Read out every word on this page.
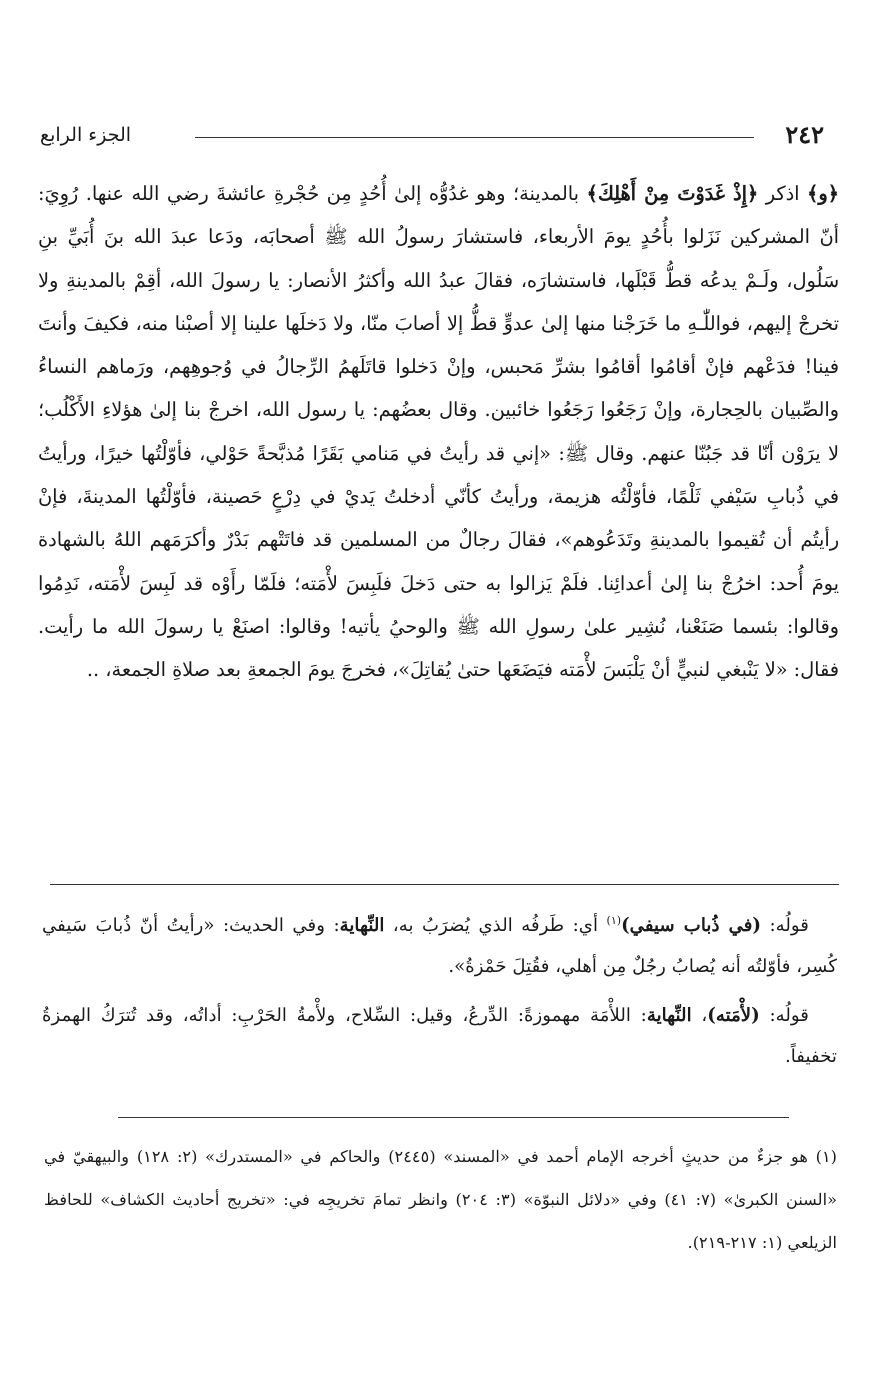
٢٤٢
الجزء الرابع

﴿و﴾ اذكر ﴿إِذْ غَدَوْتَ مِنْ أَهْلِكَ﴾ بالمدينة؛ وهو غدُوُّه إلىٰ أُحُدٍ مِن حُجْرةِ عائشةَ رضي الله عنها. رُوِيَ: أنّ المشركين نَزَلوا بأُحُدٍ يومَ الأربعاء، فاستشارَ رسولُ الله ﷺ أصحابَه، ودَعا عبدَ الله بنَ أُبَيِّ بنِ سَلُول، ولَـمْ يدعُه قطُّ قَبْلَها، فاستشارَه، فقالَ عبدُ الله وأكثرُ الأنصار: يا رسولَ الله، أقِمْ بالمدينةِ ولا تخرجْ إليهم، فواللّٰـهِ ما خَرَجْنا منها إلىٰ عدوٍّ قطُّ إلا أصابَ منّا، ولا دَخلَها علينا إلا أصبْنا منه، فكيفَ وأنتَ فينا! فدَعْهم فإنْ أقامُوا أقامُوا بشرِّ مَحبس، وإنْ دَخلوا قاتَلَهمُ الرِّجالُ في وُجوهِهم، ورَماهم النساءُ والصِّبيان بالحِجارة، وإنْ رَجَعُوا رَجَعُوا خائبين. وقال بعضُهم: يا رسول الله، اخرجْ بنا إلىٰ هؤلاءِ الأَكْلُب؛ لا يرَوْن أنّا قد جَبُنّا عنهم. وقال ﷺ: «إني قد رأيتُ في مَنامي بَقَرًا مُذبَّحةً حَوْلي، فأوّلْتُها خيرًا، ورأيتُ في ذُبابِ سَيْفي ثَلْمًا، فأوّلْتُه هزيمة، ورأيتُ كأنّي أدخلتُ يَديْ في دِرْعٍ حَصينة، فأوّلْتُها المدينةَ، فإنْ رأيتُم أن تُقيموا بالمدينةِ وتَدَعُوهم»، فقالَ رجالٌ من المسلمين قد فاتَتْهم بَدْرٌ وأكرَمَهم اللهُ بالشهادة يومَ أُحد: اخرُجْ بنا إلىٰ أعدائِنا. فلَمْ يَزالوا به حتى دَخلَ فلَبِسَ لأْمَته؛ فلَمّا رأَوْه قد لَبِسَ لأْمَته، نَدِمُوا وقالوا: بئسما صَنَعْنا، نُشِير علىٰ رسولِ الله ﷺ والوحيُ يأتيه! وقالوا: اصنَعْ يا رسولَ الله ما رأيت. فقال: «لا يَنْبغي لنبيٍّ أنْ يَلْبَسَ لأْمَته فيَضَعَها حتىٰ يُقاتِلَ»، فخرجَ يومَ الجمعةِ بعد صلاةِ الجمعة، ..

قولُه: (في ذُباب سيفي)$^{(١)}$ أي: طَرفُه الذي يُضرَبُ به، النِّهاية: وفي الحديث: «رأيتُ أنّ ذُبابَ سَيفي كُسِر، فأوّلتُه أنه يُصابُ رجُلٌ مِن أهلي، فقُتِلَ حَمْزةُ».

قولُه: (لأْمَته)، النِّهاية: اللأْمَة مهموزةً: الدِّرعُ، وقيل: السِّلاح، ولأْمةُ الحَرْبِ: أداتُه، وقد تُترَكُ الهمزةُ تخفيفاً.

(١) هو جزءٌ من حديثٍ أخرجه الإمام أحمد في «المسند» (٢٤٤٥) والحاكم في «المستدرك» (٢: ١٢٨) والبيهقيّ في «السنن الكبرىٰ» (٧: ٤١) وفي «دلائل النبوّة» (٣: ٢٠٤) وانظر تمامَ تخريجِه في: «تخريج أحاديث الكشاف» للحافظ الزيلعي (١: ٢١٧-٢١٩).
